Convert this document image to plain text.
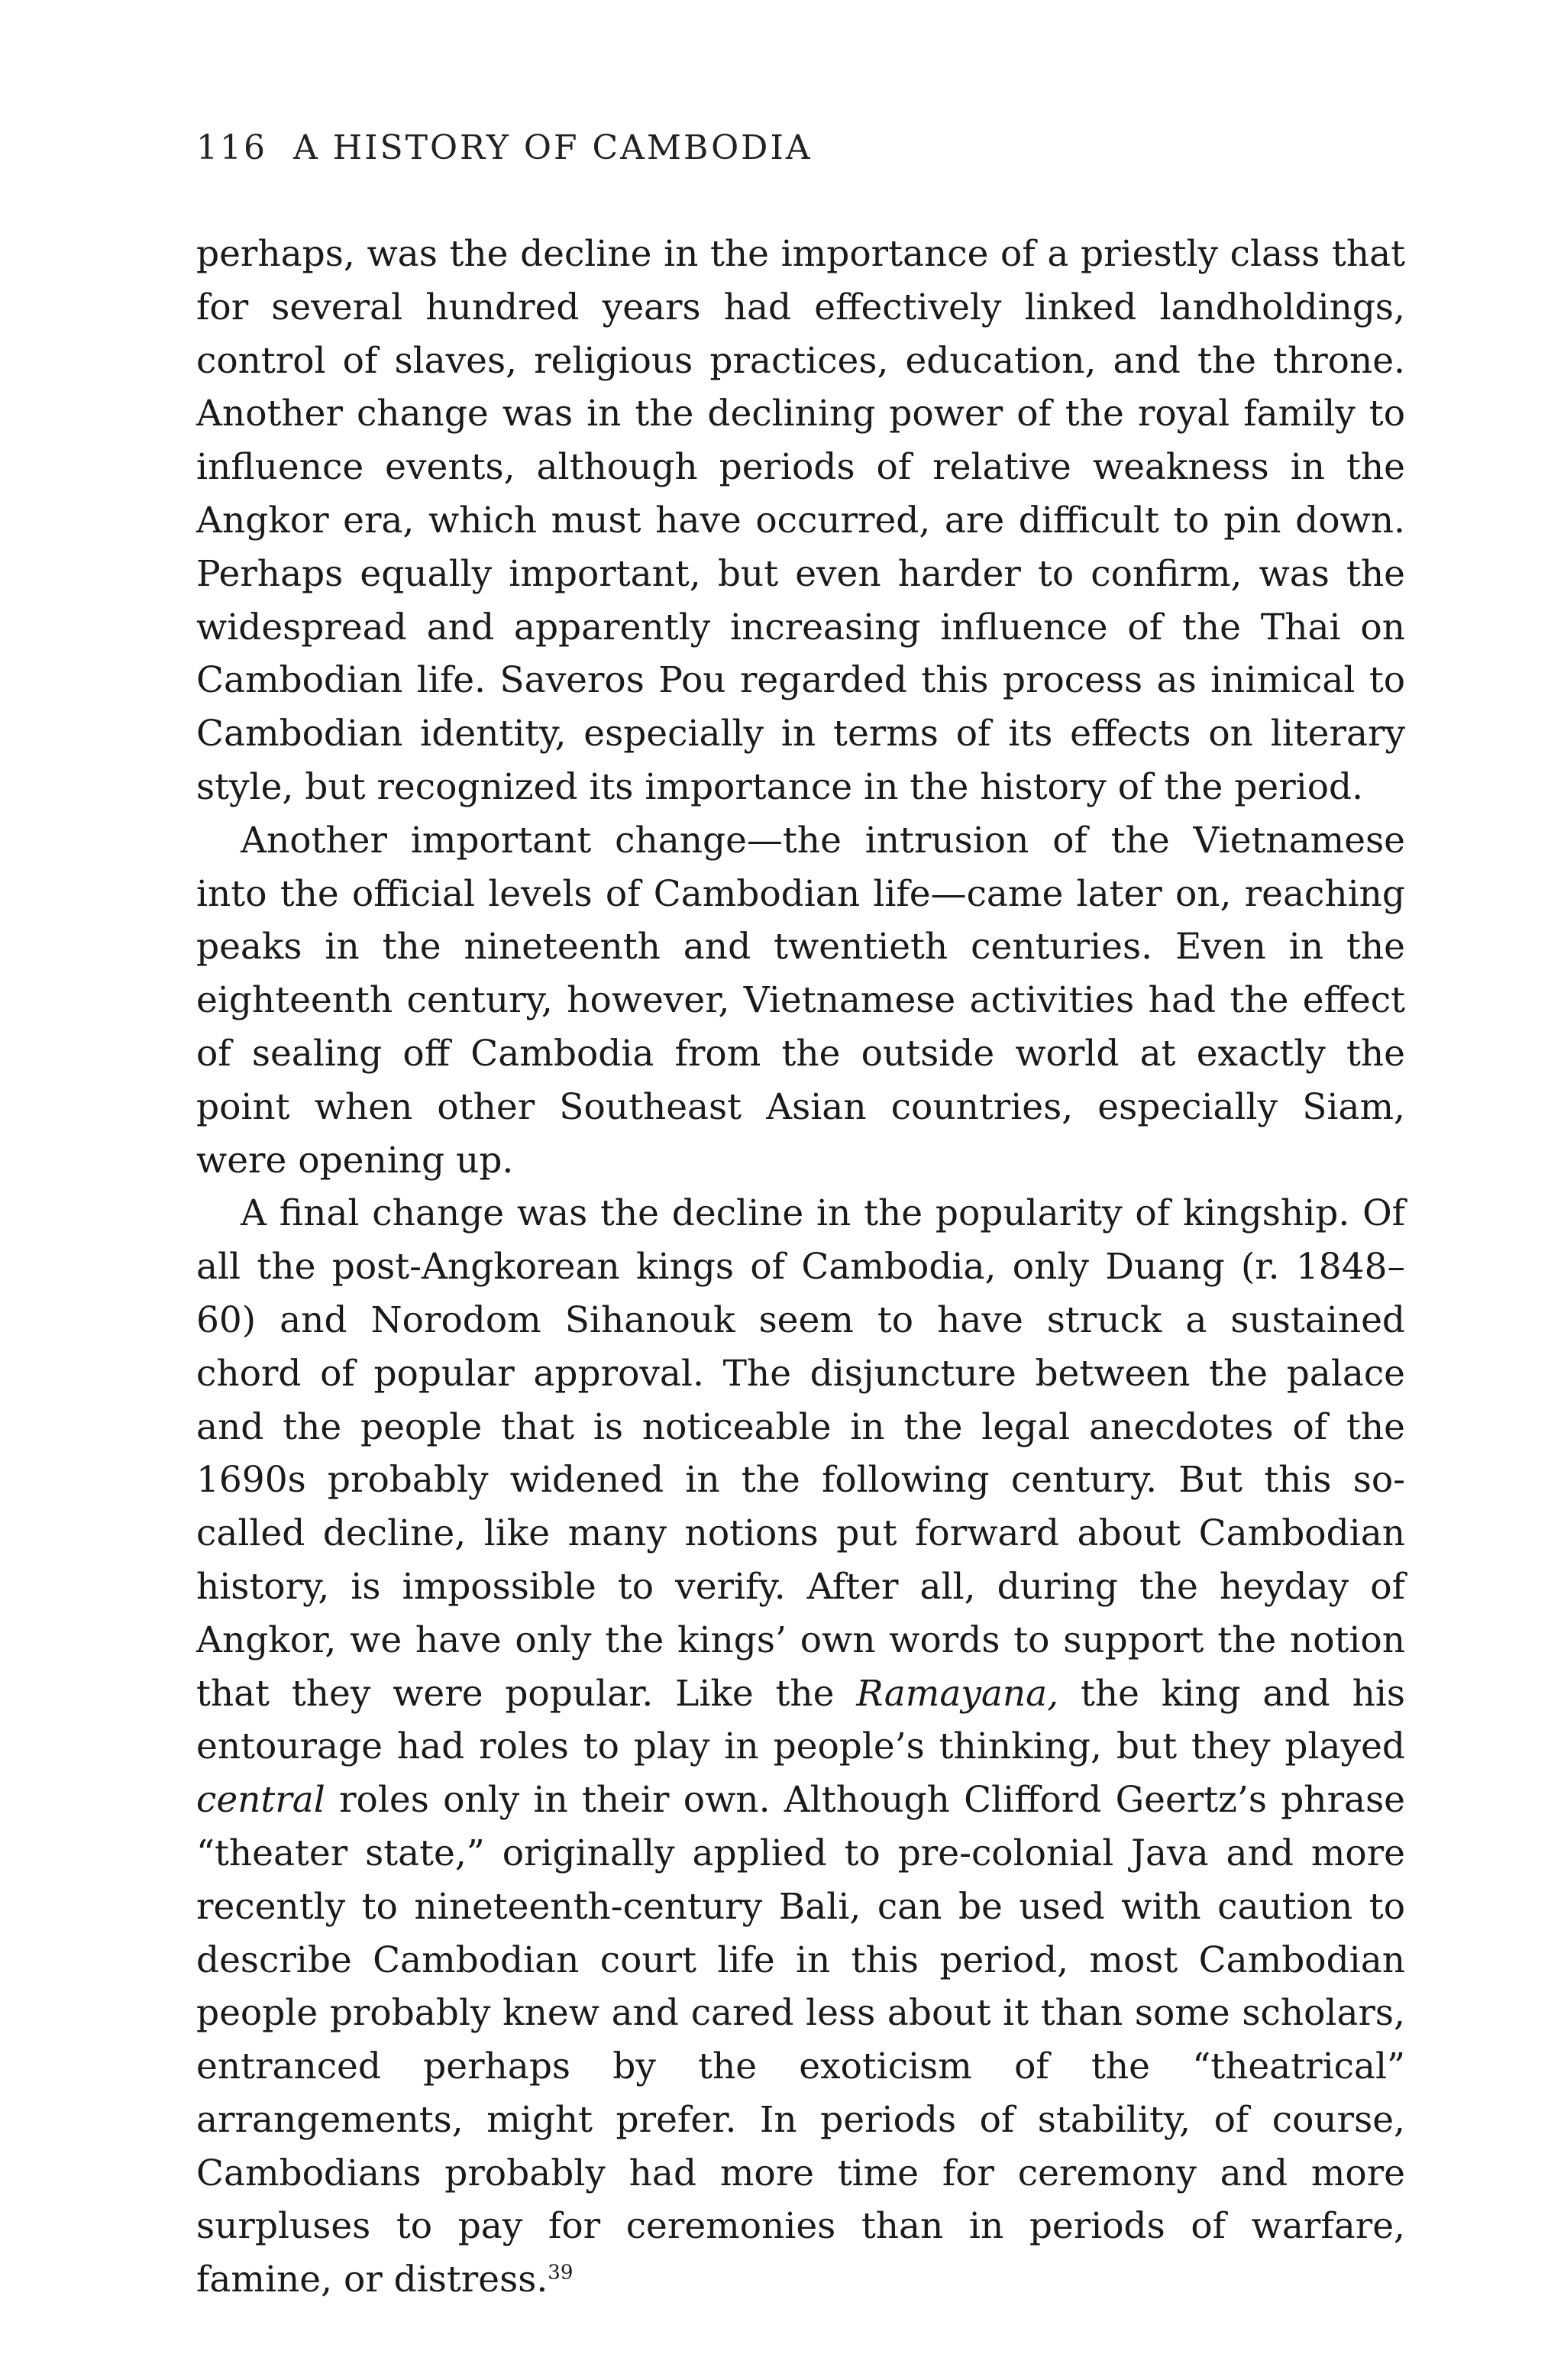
116 A HISTORY OF CAMBODIA

perhaps, was the decline in the importance of a priestly class that for several hundred years had effectively linked landholdings, control of slaves, religious practices, education, and the throne. Another change was in the declining power of the royal family to influence events, although periods of relative weakness in the Angkor era, which must have occurred, are difficult to pin down. Perhaps equally important, but even harder to confirm, was the widespread and apparently increasing influence of the Thai on Cambodian life. Saveros Pou regarded this process as inimical to Cambodian identity, especially in terms of its effects on literary style, but recognized its importance in the history of the period.

Another important change—the intrusion of the Vietnamese into the official levels of Cambodian life—came later on, reaching peaks in the nineteenth and twentieth centuries. Even in the eighteenth century, however, Vietnamese activities had the effect of sealing off Cambodia from the outside world at exactly the point when other Southeast Asian countries, especially Siam, were opening up.

A final change was the decline in the popularity of kingship. Of all the post-Angkorean kings of Cambodia, only Duang (r. 1848–60) and Norodom Sihanouk seem to have struck a sustained chord of popular approval. The disjuncture between the palace and the people that is noticeable in the legal anecdotes of the 1690s probably widened in the following century. But this so-called decline, like many notions put forward about Cambodian history, is impossible to verify. After all, during the heyday of Angkor, we have only the kings’ own words to support the notion that they were popular. Like the Ramayana, the king and his entourage had roles to play in people’s thinking, but they played central roles only in their own. Although Clifford Geertz’s phrase “theater state,” originally applied to pre-colonial Java and more recently to nineteenth-century Bali, can be used with caution to describe Cambodian court life in this period, most Cambodian people probably knew and cared less about it than some scholars, entranced perhaps by the exoticism of the “theatrical” arrangements, might prefer. In periods of stability, of course, Cambodians probably had more time for ceremony and more surpluses to pay for ceremonies than in periods of warfare, famine, or distress.$^{39}$
